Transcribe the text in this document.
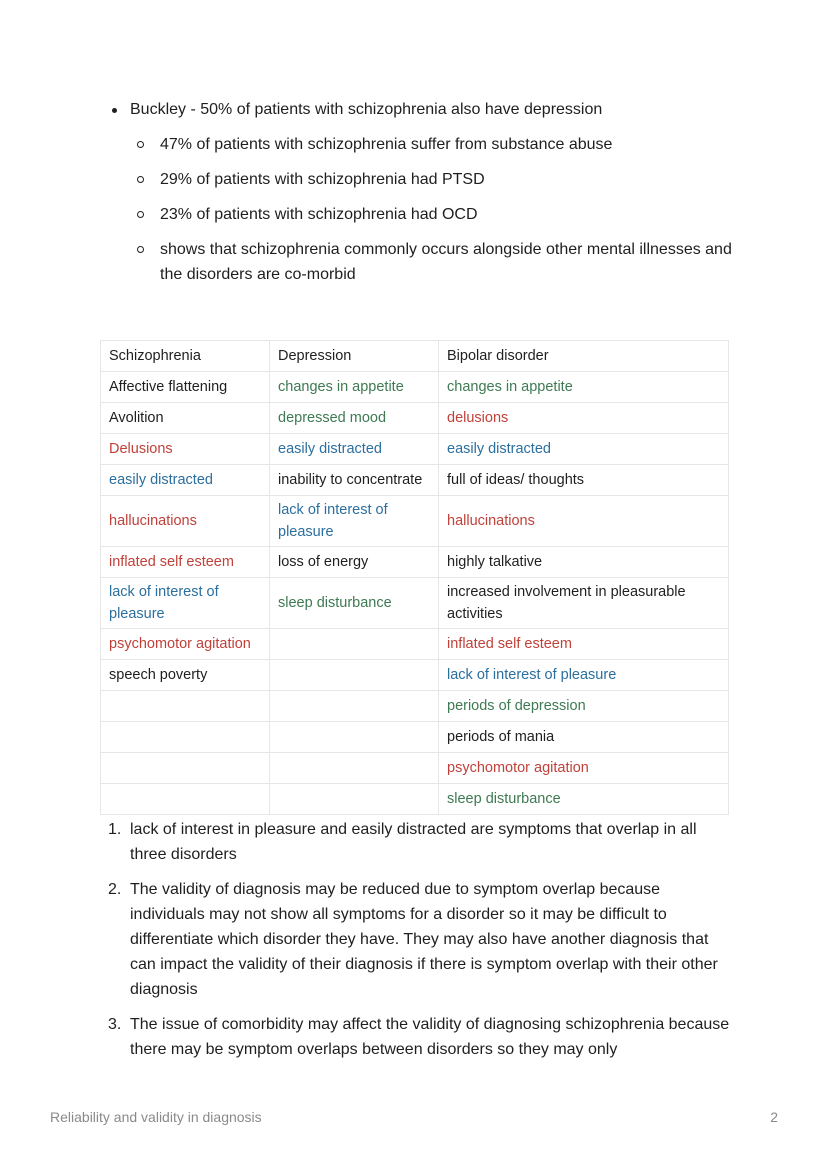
Buckley - 50% of patients with schizophrenia also have depression
47% of patients with schizophrenia suffer from substance abuse
29% of patients with schizophrenia had PTSD
23% of patients with schizophrenia had OCD
shows that schizophrenia commonly occurs alongside other mental illnesses and the disorders are co-morbid
Schizophrenia	Depression	Bipolar disorder
Affective flattening	changes in appetite	changes in appetite
Avolition	depressed mood	delusions
Delusions	easily distracted	easily distracted
easily distracted	inability to concentrate	full of ideas/ thoughts
hallucinations	lack of interest of pleasure	hallucinations
inflated self esteem	loss of energy	highly talkative
lack of interest of pleasure	sleep disturbance	increased involvement in pleasurable activities
psychomotor agitation		inflated self esteem
speech poverty		lack of interest of pleasure
		periods of depression
		periods of mania
		psychomotor agitation
		sleep disturbance
1. lack of interest in pleasure and easily distracted are symptoms that overlap in all three disorders
2. The validity of diagnosis may be reduced due to symptom overlap because individuals may not show all symptoms for a disorder so it may be difficult to differentiate which disorder they have. They may also have another diagnosis that can impact the validity of their diagnosis if there is symptom overlap with their other diagnosis
3. The issue of comorbidity may affect the validity of diagnosing schizophrenia because there may be symptom overlaps between disorders so they may only
Reliability and validity in diagnosis	2
